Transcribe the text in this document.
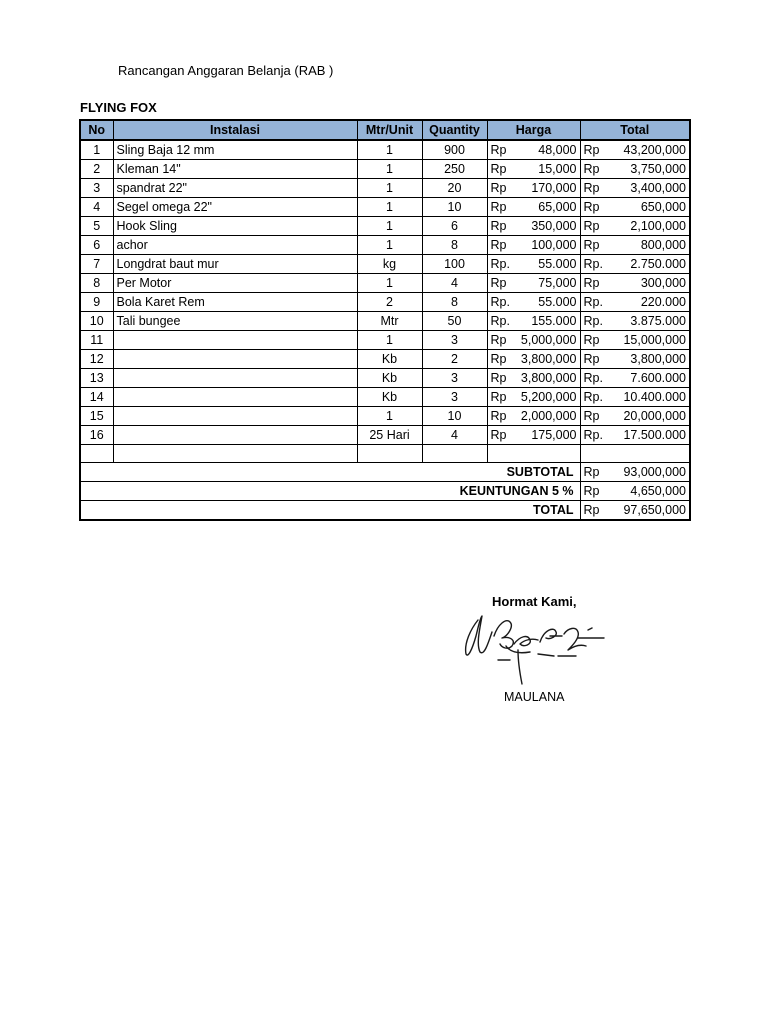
Rancangan Anggaran Belanja (RAB )
FLYING FOX
No	Instalasi	Mtr/Unit	Quantity	Harga	Total
1	Sling Baja 12 mm	1	900	Rp 48,000	Rp 43,200,000

2	Kleman 14"	1	250	Rp 15,000	Rp 3,750,000

3	spandrat 22"	1	20	Rp 170,000	Rp 3,400,000

4	Segel omega 22"	1	10	Rp 65,000	Rp 650,000

5	Hook Sling	1	6	Rp 350,000	Rp 2,100,000

6	achor	1	8	Rp 100,000	Rp 800,000

7	Longdrat baut mur	kg	100	Rp. 55.000	Rp. 2.750.000

8	Per Motor	1	4	Rp 75,000	Rp 300,000

9	Bola Karet Rem	2	8	Rp. 55.000	Rp. 220.000

10	Tali bungee	Mtr	50	Rp. 155.000	Rp. 3.875.000

11		1	3	Rp 5,000,000	Rp 15,000,000

12		Kb	2	Rp 3,800,000	Rp 3,800,000

13		Kb	3	Rp 3,800,000	Rp. 7.600.000

14		Kb	3	Rp 5,200,000	Rp. 10.400.000

15		1	10	Rp 2,000,000	Rp 20,000,000

16		25 Hari	4	Rp 175,000	Rp. 17.500.000

SUBTOTAL					Rp 93,000,000

KEUNTUNGAN 5 %					Rp 4,650,000

TOTAL					Rp 97,650,000
Hormat Kami,
MAULANA
